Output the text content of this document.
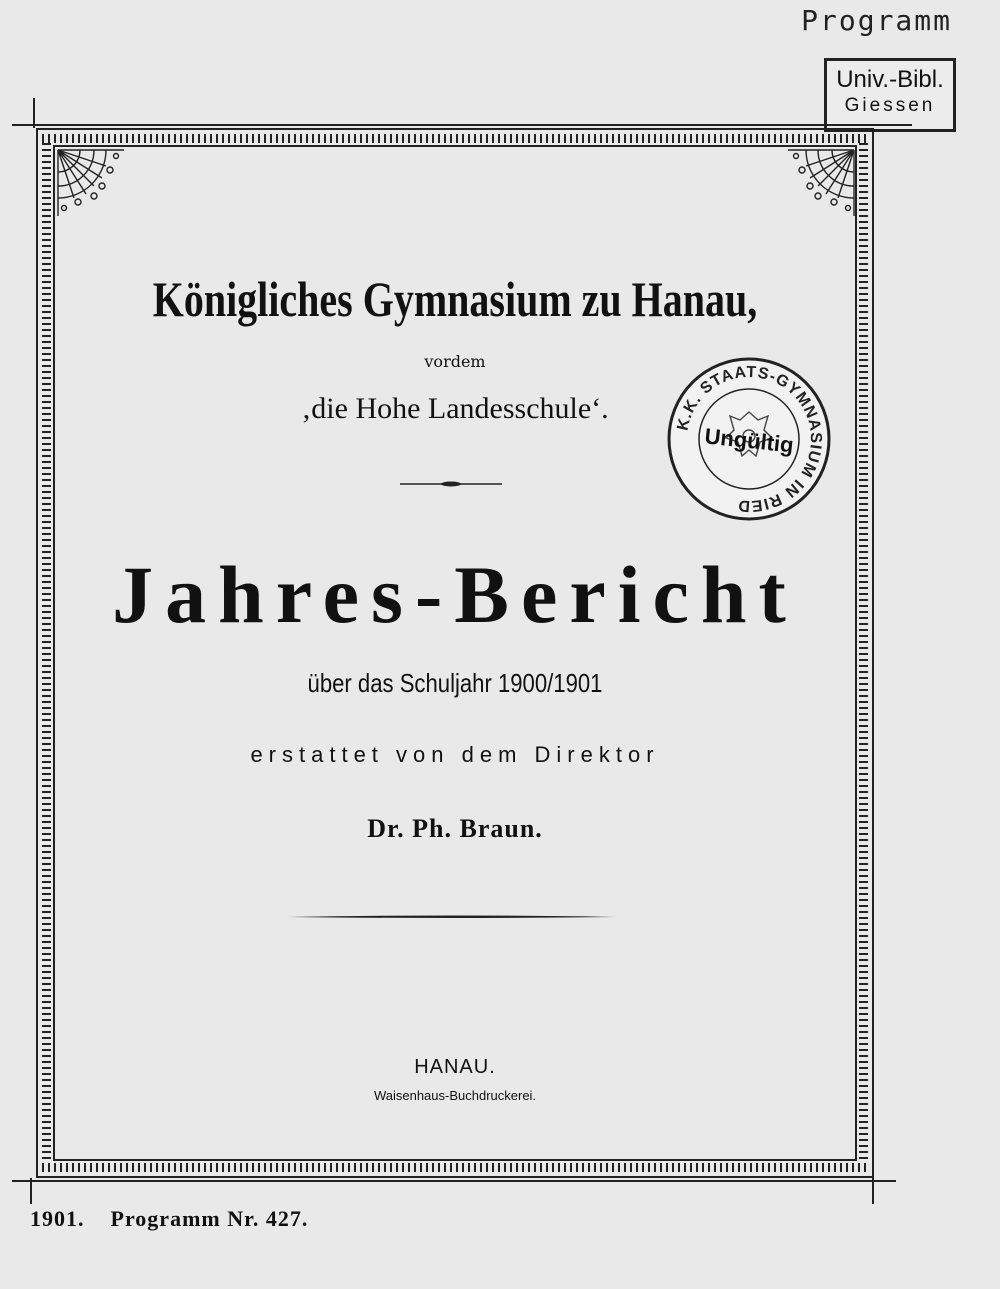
Programm
Univ.-Bibl.
Giessen
Königliches Gymnasium zu Hanau,
vordem
‚die Hohe Landesschule‘.
Jahres-Bericht
über das Schuljahr 1900/1901
erstattet von dem Direktor
Dr. Ph. Braun.
HANAU.
Waisenhaus-Buchdruckerei.
K.K. STAATS-GYMNASIUM IN RIED
Ungültig
1901. Programm Nr. 427.
